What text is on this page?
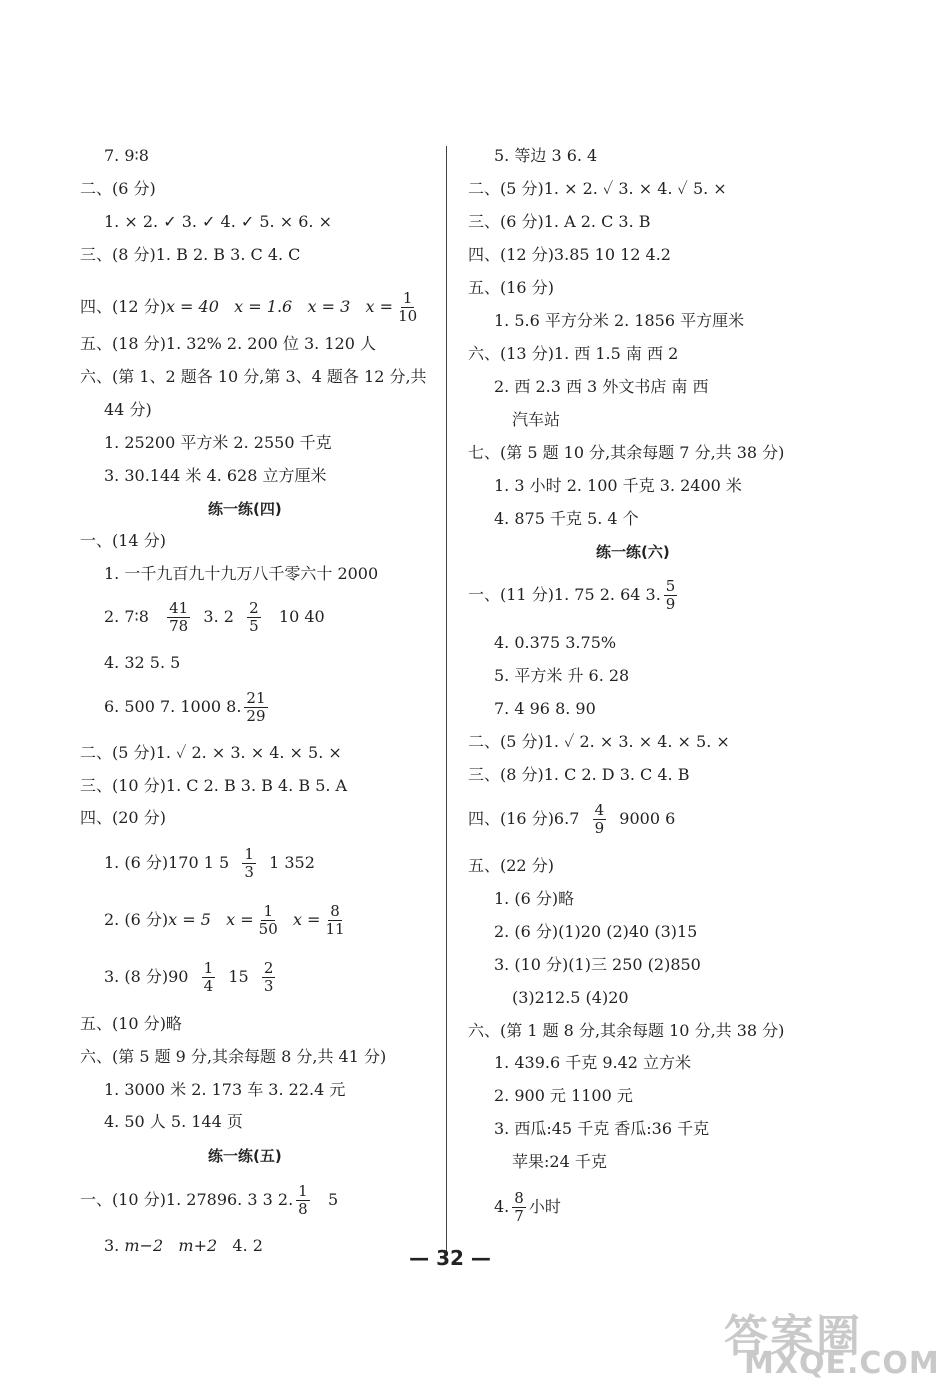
7. 9∶8
二、(6 分)
1. × 2. ✓ 3. ✓ 4. ✓ 5. × 6. ×
三、(8 分)1. B 2. B 3. C 4. C
四、(12 分)x = 40 x = 1.6 x = 3 $x = \frac{1}{10}$
五、(18 分)1. 32% 2. 200 位 3. 120 人
六、(第 1、2 题各 10 分,第 3、4 题各 12 分,共
44 分)
1. 25200 平方米 2. 2550 千克
3. 30.144 米 4. 628 立方厘米
练一练(四)
一、(14 分)
1. 一千九百九十九万八千零六十 2000
2. 7∶8 $\frac{41}{78} 3$. $2 \frac{2}{5} 10$ 40
4. 32 5. 5
6. 500 7. 1000 8. $\frac{21}{29}$
二、(5 分)1. ✓ 2. × 3. × 4. × 5. ×
三、(10 分)1. C 2. B 3. B 4. B 5. A
四、(20 分)
1. (6 分)170 1 $5 \frac{1}{3} 1$ 352
2. (6 分)x = 5 $x = \frac{1}{50}$ $x = \frac{8}{11}$
3. (8 分)$90 \frac{1}{4} 15 \frac{2}{3}$
五、(10 分)略
六、(第 5 题 9 分,其余每题 8 分,共 41 分)
1. 3000 米 2. 173 车 3. 22.4 元
4. 50 人 5. 144 页
练一练(五)
一、(10 分)1. 27896. 3 3 2. $\frac{1}{8} 5$
3. m−2 m+2 4. 2
5. 等边 3 6. 4
二、(5 分)1. × 2. ✓ 3. × 4. ✓ 5. ×
三、(6 分)1. A 2. C 3. B
四、(12 分)3.85 10 12 4.2
五、(16 分)
1. 5.6 平方分米 2. 1856 平方厘米
六、(13 分)1. 西 1.5 南 西 2
2. 西 2.3 西 3 外文书店 南 西
汽车站
七、(第 5 题 10 分,其余每题 7 分,共 38 分)
1. 3 小时 2. 100 千克 3. 2400 米
4. 875 千克 5. 4 个
练一练(六)
一、(11 分)1. 75 2. 64 3. $\frac{5}{9}$
4. 0.375 3.75%
5. 平方米 升 6. 28
7. 4 96 8. 90
二、(5 分)1. ✓ 2. × 3. × 4. × 5. ×
三、(8 分)1. C 2. D 3. C 4. B
四、(16 分)$6.7 \frac{4}{9} 9000$ 6
五、(22 分)
1. (6 分)略
2. (6 分)(1)20 (2)40 (3)15
3. (10 分)(1)三 250 (2)850
(3)212.5 (4)20
六、(第 1 题 8 分,其余每题 10 分,共 38 分)
1. 439.6 千克 9.42 立方米
2. 900 元 1100 元
3. 西瓜:45 千克 香瓜:36 千克
苹果:24 千克
4. $\frac{8}{7}$ 小时
— 32 —
答案圈
MXQE.COM
